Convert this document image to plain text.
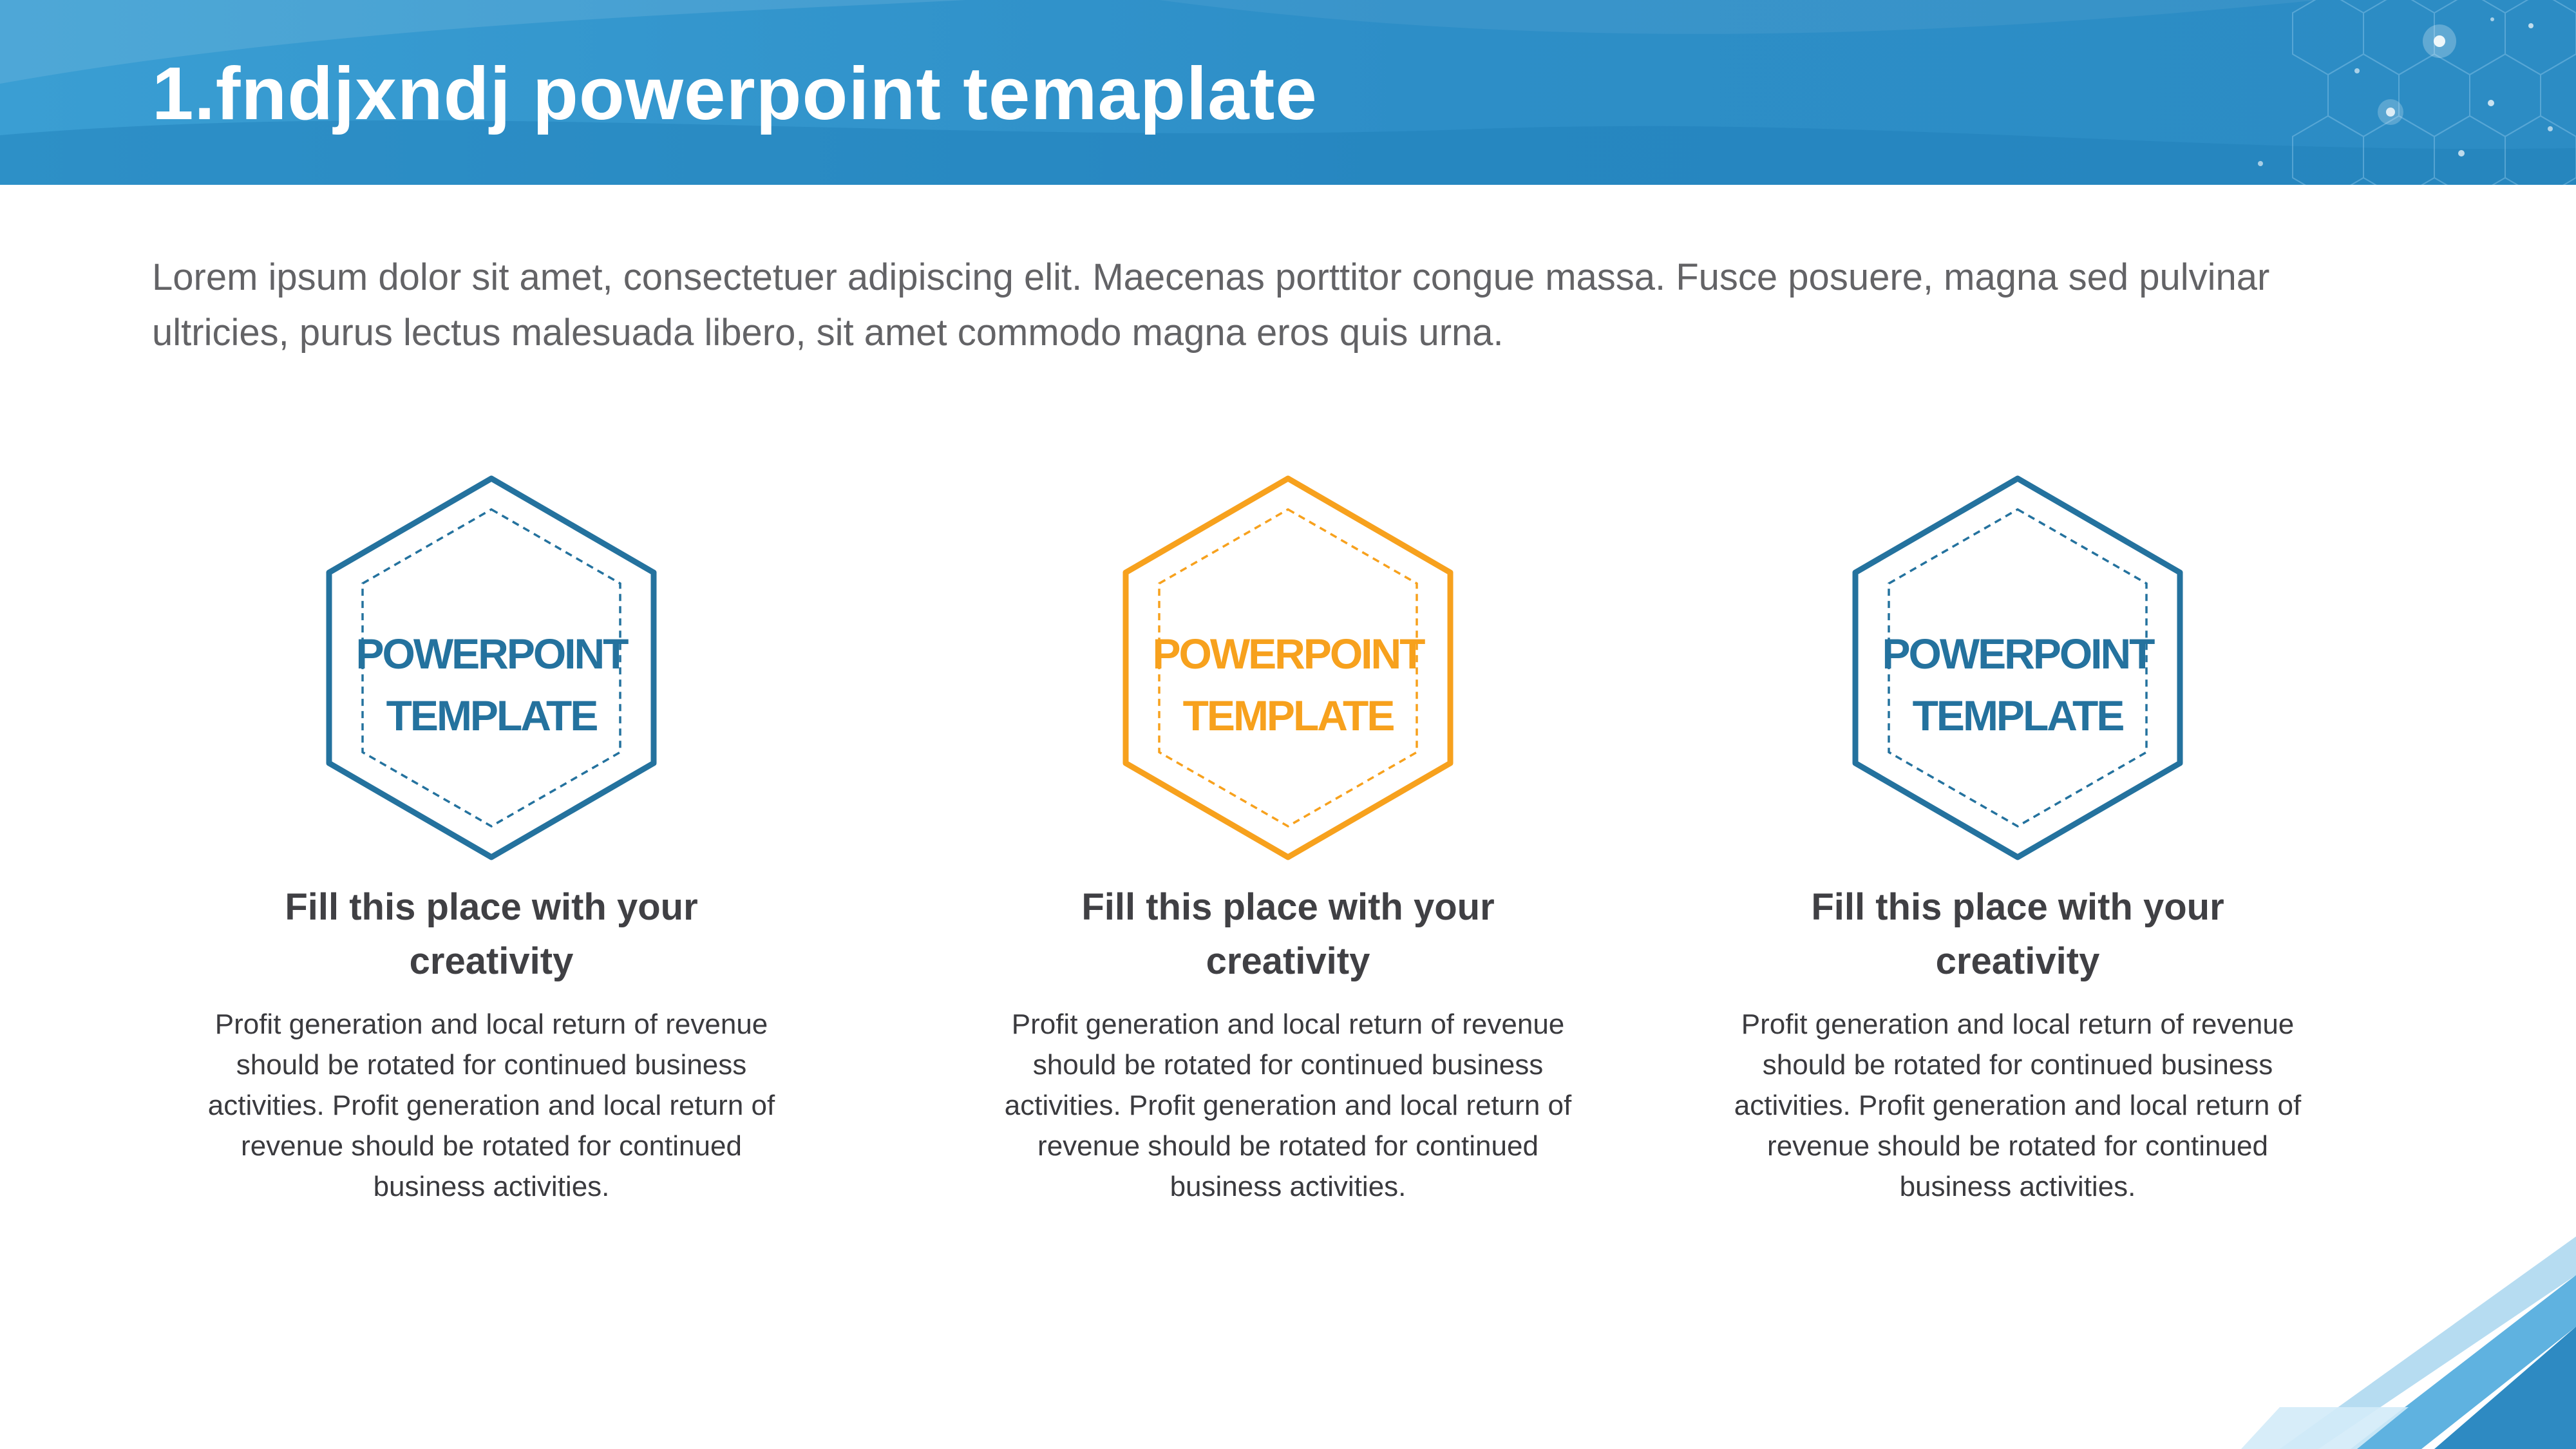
1.fndjxndj powerpoint temaplate

Lorem ipsum dolor sit amet, consectetuer adipiscing elit. Maecenas porttitor congue massa. Fusce posuere, magna sed pulvinar ultricies, purus lectus malesuada libero, sit amet commodo magna eros quis urna.

POWERPOINT
TEMPLATE
Fill this place with your
creativity

Profit generation and local return of revenue should be rotated for continued business activities. Profit generation and local return of revenue should be rotated for continued business activities.

POWERPOINT
TEMPLATE
Fill this place with your
creativity

Profit generation and local return of revenue should be rotated for continued business activities. Profit generation and local return of revenue should be rotated for continued business activities.

POWERPOINT
TEMPLATE
Fill this place with your
creativity

Profit generation and local return of revenue should be rotated for continued business activities. Profit generation and local return of revenue should be rotated for continued business activities.
